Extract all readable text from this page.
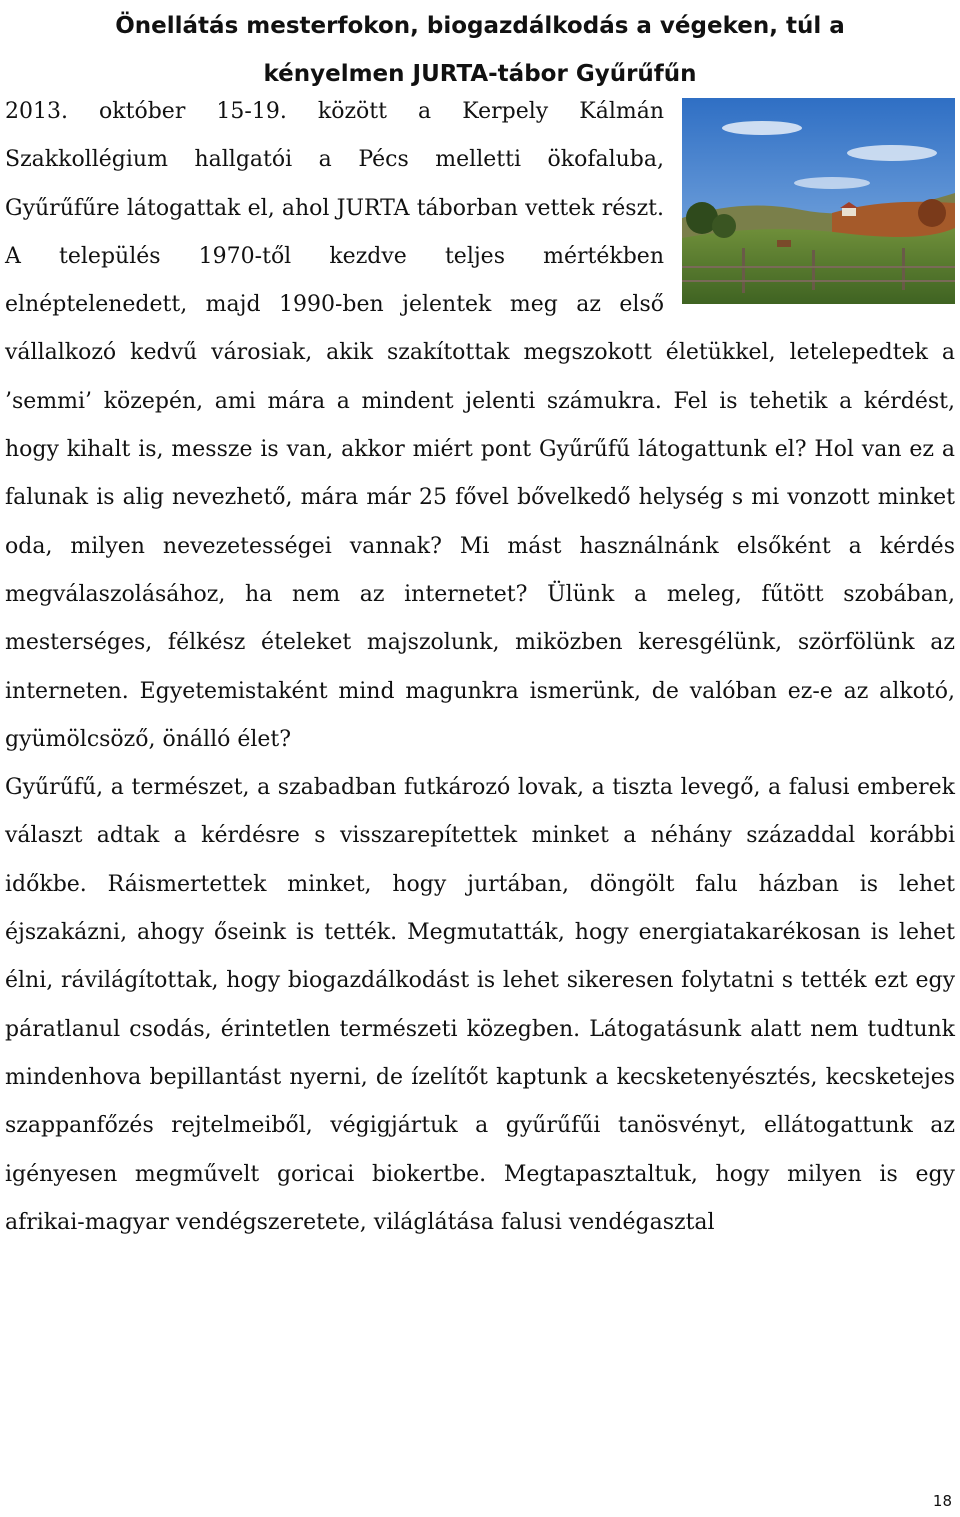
Önellátás mesterfokon, biogazdálkodás a végeken, túl a
kényelmen JURTA-tábor Gyűrűfűn

2013. október 15-19. között a Kerpely Kálmán Szakkollégium hallgatói a Pécs melletti ökofaluba, Gyűrűfűre látogattak el, ahol JURTA táborban vettek részt. A település 1970-től kezdve teljes mértékben elnéptelenedett, majd 1990-ben jelentek meg az első vállalkozó kedvű városiak, akik szakítottak megszokott életükkel, letelepedtek a ’semmi’ közepén, ami mára a mindent jelenti számukra. Fel is tehetik a kérdést, hogy kihalt is, messze is van, akkor miért pont Gyűrűfű látogattunk el? Hol van ez a falunak is alig nevezhető, mára már 25 fővel bővelkedő helység s mi vonzott minket oda, milyen nevezetességei vannak? Mi mást használnánk elsőként a kérdés megválaszolásához, ha nem az internetet? Ülünk a meleg, fűtött szobában, mesterséges, félkész ételeket majszolunk, miközben keresgélünk, szörfölünk az interneten. Egyetemistaként mind magunkra ismerünk, de valóban ez-e az alkotó, gyümölcsöző, önálló élet?

Gyűrűfű, a természet, a szabadban futkározó lovak, a tiszta levegő, a falusi emberek választ adtak a kérdésre s visszarepítettek minket a néhány századdal korábbi időkbe. Ráismertettek minket, hogy jurtában, döngölt falu házban is lehet éjszakázni, ahogy őseink is tették. Megmutatták, hogy energiatakarékosan is lehet élni, rávilágítottak, hogy biogazdálkodást is lehet sikeresen folytatni s tették ezt egy páratlanul csodás, érintetlen természeti közegben. Látogatásunk alatt nem tudtunk mindenhova bepillantást nyerni, de ízelítőt kaptunk a kecsketenyésztés, kecsketejes szappanfőzés rejtelmeiből, végigjártuk a gyűrűfűi tanösvényt, ellátogattunk az igényesen megművelt goricai biokertbe. Megtapasztaltuk, hogy milyen is egy afrikai-magyar vendégszeretete, világlátása falusi vendégasztal

18
